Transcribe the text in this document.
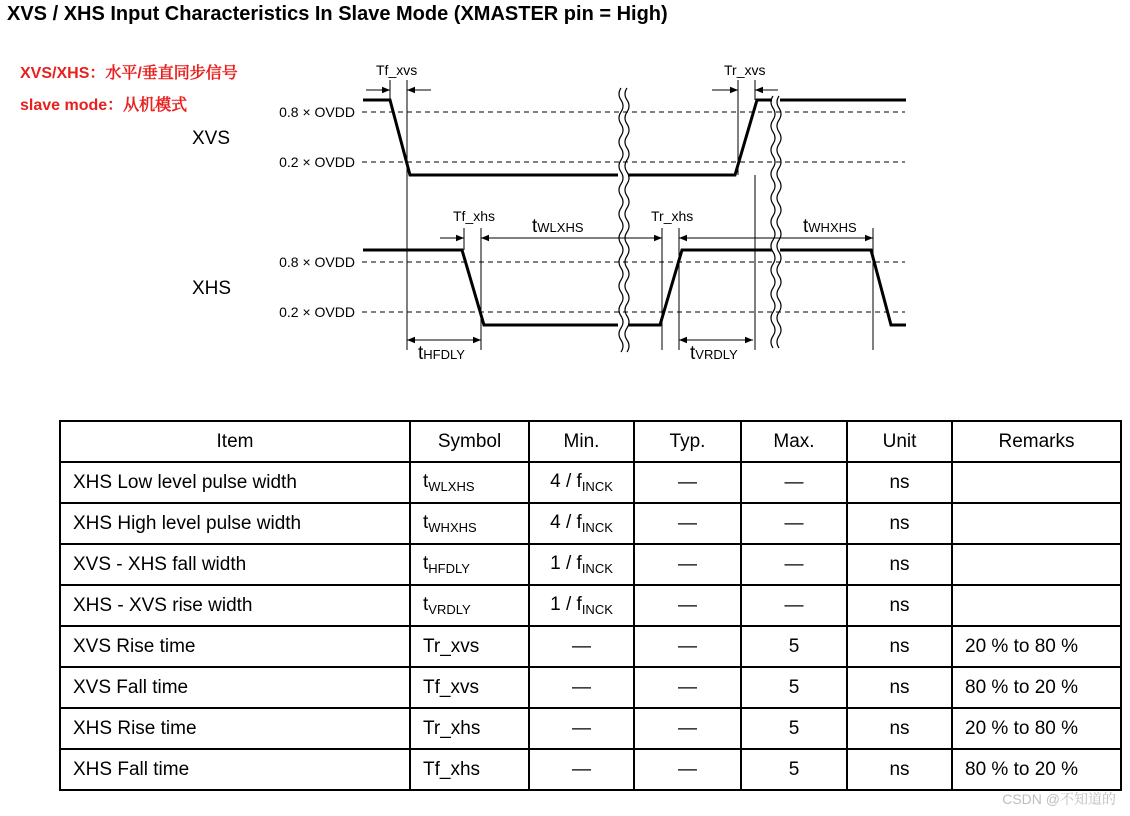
XVS / XHS Input Characteristics In Slave Mode (XMASTER pin = High)
XVS/XHS：水平/垂直同步信号
slave mode：从机模式	0.8 × OVDD
0.2 × OVDD
0.8 × OVDD
0.2 × OVDD
XVS
XHS
Tf_xvs	Tr_xvs
Tf_xhs	Tr_xhs
tWLXHS	tWHXHS
tHFDLY	tVRDLY
Item	Symbol	Min.	Typ.	Max.	Unit	Remarks
XHS Low level pulse width	$t_{WLXHS}$	$4 / f_{INCK}$	—	—	ns	
XHS High level pulse width	$t_{WHXHS}$	$4 / f_{INCK}$	—	—	ns	
XVS - XHS fall width	$t_{HFDLY}$	$1 / f_{INCK}$	—	—	ns	
XHS - XVS rise width	$t_{VRDLY}$	$1 / f_{INCK}$	—	—	ns	
XVS Rise time	Tr_xvs	—	—	5	ns	20 % to 80 %
XVS Fall time	Tf_xvs	—	—	5	ns	80 % to 20 %
XHS Rise time	Tr_xhs	—	—	5	ns	20 % to 80 %
XHS Fall time	Tf_xhs	—	—	5	ns	80 % to 20 %
CSDN @不知道的
